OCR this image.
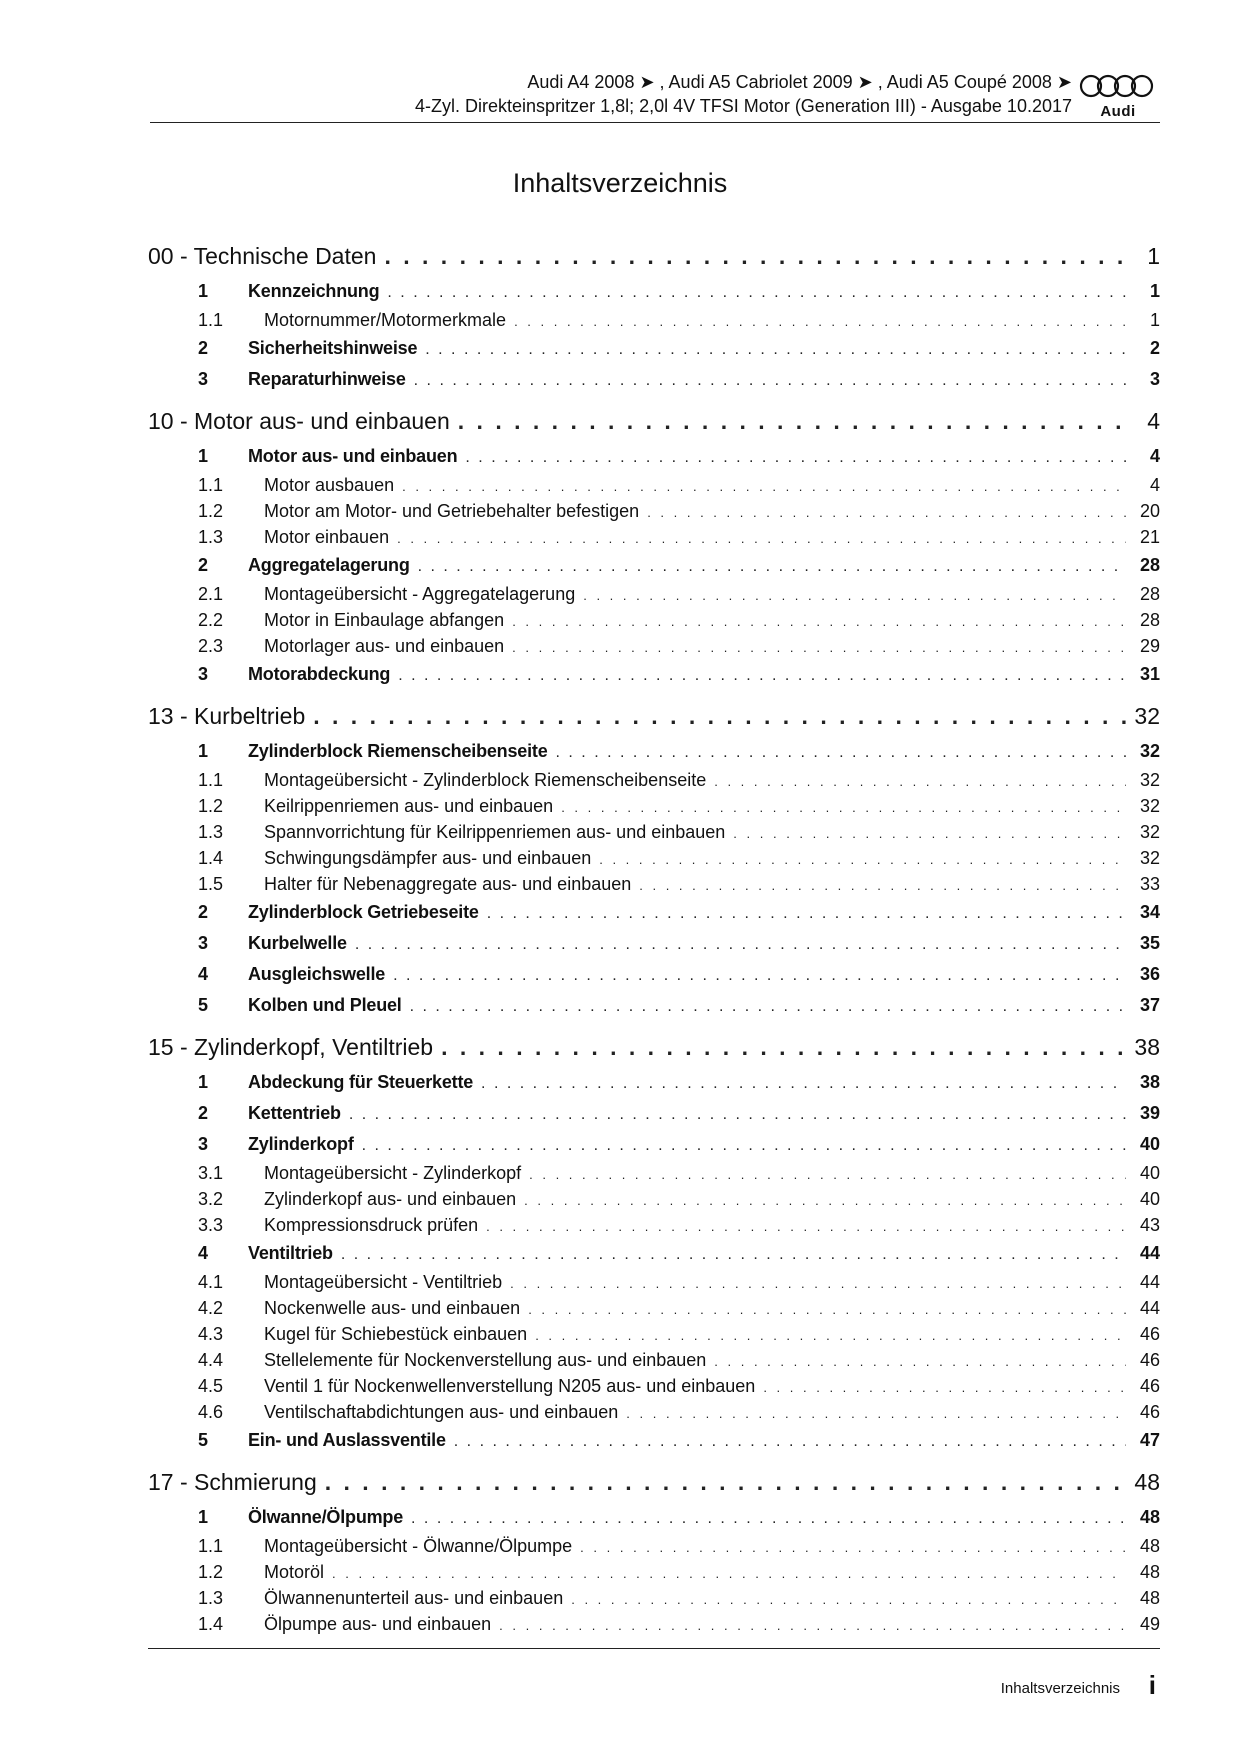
Audi A4 2008 ➤ , Audi A5 Cabriolet 2009 ➤ , Audi A5 Coupé 2008 ➤
4-Zyl. Direkteinspritzer 1,8l; 2,0l 4V TFSI Motor (Generation III) - Ausgabe 10.2017	Audi
Inhaltsverzeichnis
00 - Technische Daten . . .	1
1	Kennzeichnung . . .	1
1.1	Motornummer/Motormerkmale . . .	1
2	Sicherheitshinweise . . .	2
3	Reparaturhinweise . . .	3
10 - Motor aus- und einbauen . . .	4
1	Motor aus- und einbauen . . .	4
1.1	Motor ausbauen . . .	4
1.2	Motor am Motor- und Getriebehalter befestigen . . .	20
1.3	Motor einbauen . . .	21
2	Aggregatelagerung . . .	28
2.1	Montageübersicht - Aggregatelagerung . . .	28
2.2	Motor in Einbaulage abfangen . . .	28
2.3	Motorlager aus- und einbauen . . .	29
3	Motorabdeckung . . .	31
13 - Kurbeltrieb . . .	32
1	Zylinderblock Riemenscheibenseite . . .	32
1.1	Montageübersicht - Zylinderblock Riemenscheibenseite . . .	32
1.2	Keilrippenriemen aus- und einbauen . . .	32
1.3	Spannvorrichtung für Keilrippenriemen aus- und einbauen . . .	32
1.4	Schwingungsdämpfer aus- und einbauen . . .	32
1.5	Halter für Nebenaggregate aus- und einbauen . . .	33
2	Zylinderblock Getriebeseite . . .	34
3	Kurbelwelle . . .	35
4	Ausgleichswelle . . .	36
5	Kolben und Pleuel . . .	37
15 - Zylinderkopf, Ventiltrieb . . .	38
1	Abdeckung für Steuerkette . . .	38
2	Kettentrieb . . .	39
3	Zylinderkopf . . .	40
3.1	Montageübersicht - Zylinderkopf . . .	40
3.2	Zylinderkopf aus- und einbauen . . .	40
3.3	Kompressionsdruck prüfen . . .	43
4	Ventiltrieb . . .	44
4.1	Montageübersicht - Ventiltrieb . . .	44
4.2	Nockenwelle aus- und einbauen . . .	44
4.3	Kugel für Schiebestück einbauen . . .	46
4.4	Stellelemente für Nockenverstellung aus- und einbauen . . .	46
4.5	Ventil 1 für Nockenwellenverstellung N205 aus- und einbauen . . .	46
4.6	Ventilschaftabdichtungen aus- und einbauen . . .	46
5	Ein- und Auslassventile . . .	47
17 - Schmierung . . .	48
1	Ölwanne/Ölpumpe . . .	48
1.1	Montageübersicht - Ölwanne/Ölpumpe . . .	48
1.2	Motoröl . . .	48
1.3	Ölwannenunterteil aus- und einbauen . . .	48
1.4	Ölpumpe aus- und einbauen . . .	49
Inhaltsverzeichnis i
